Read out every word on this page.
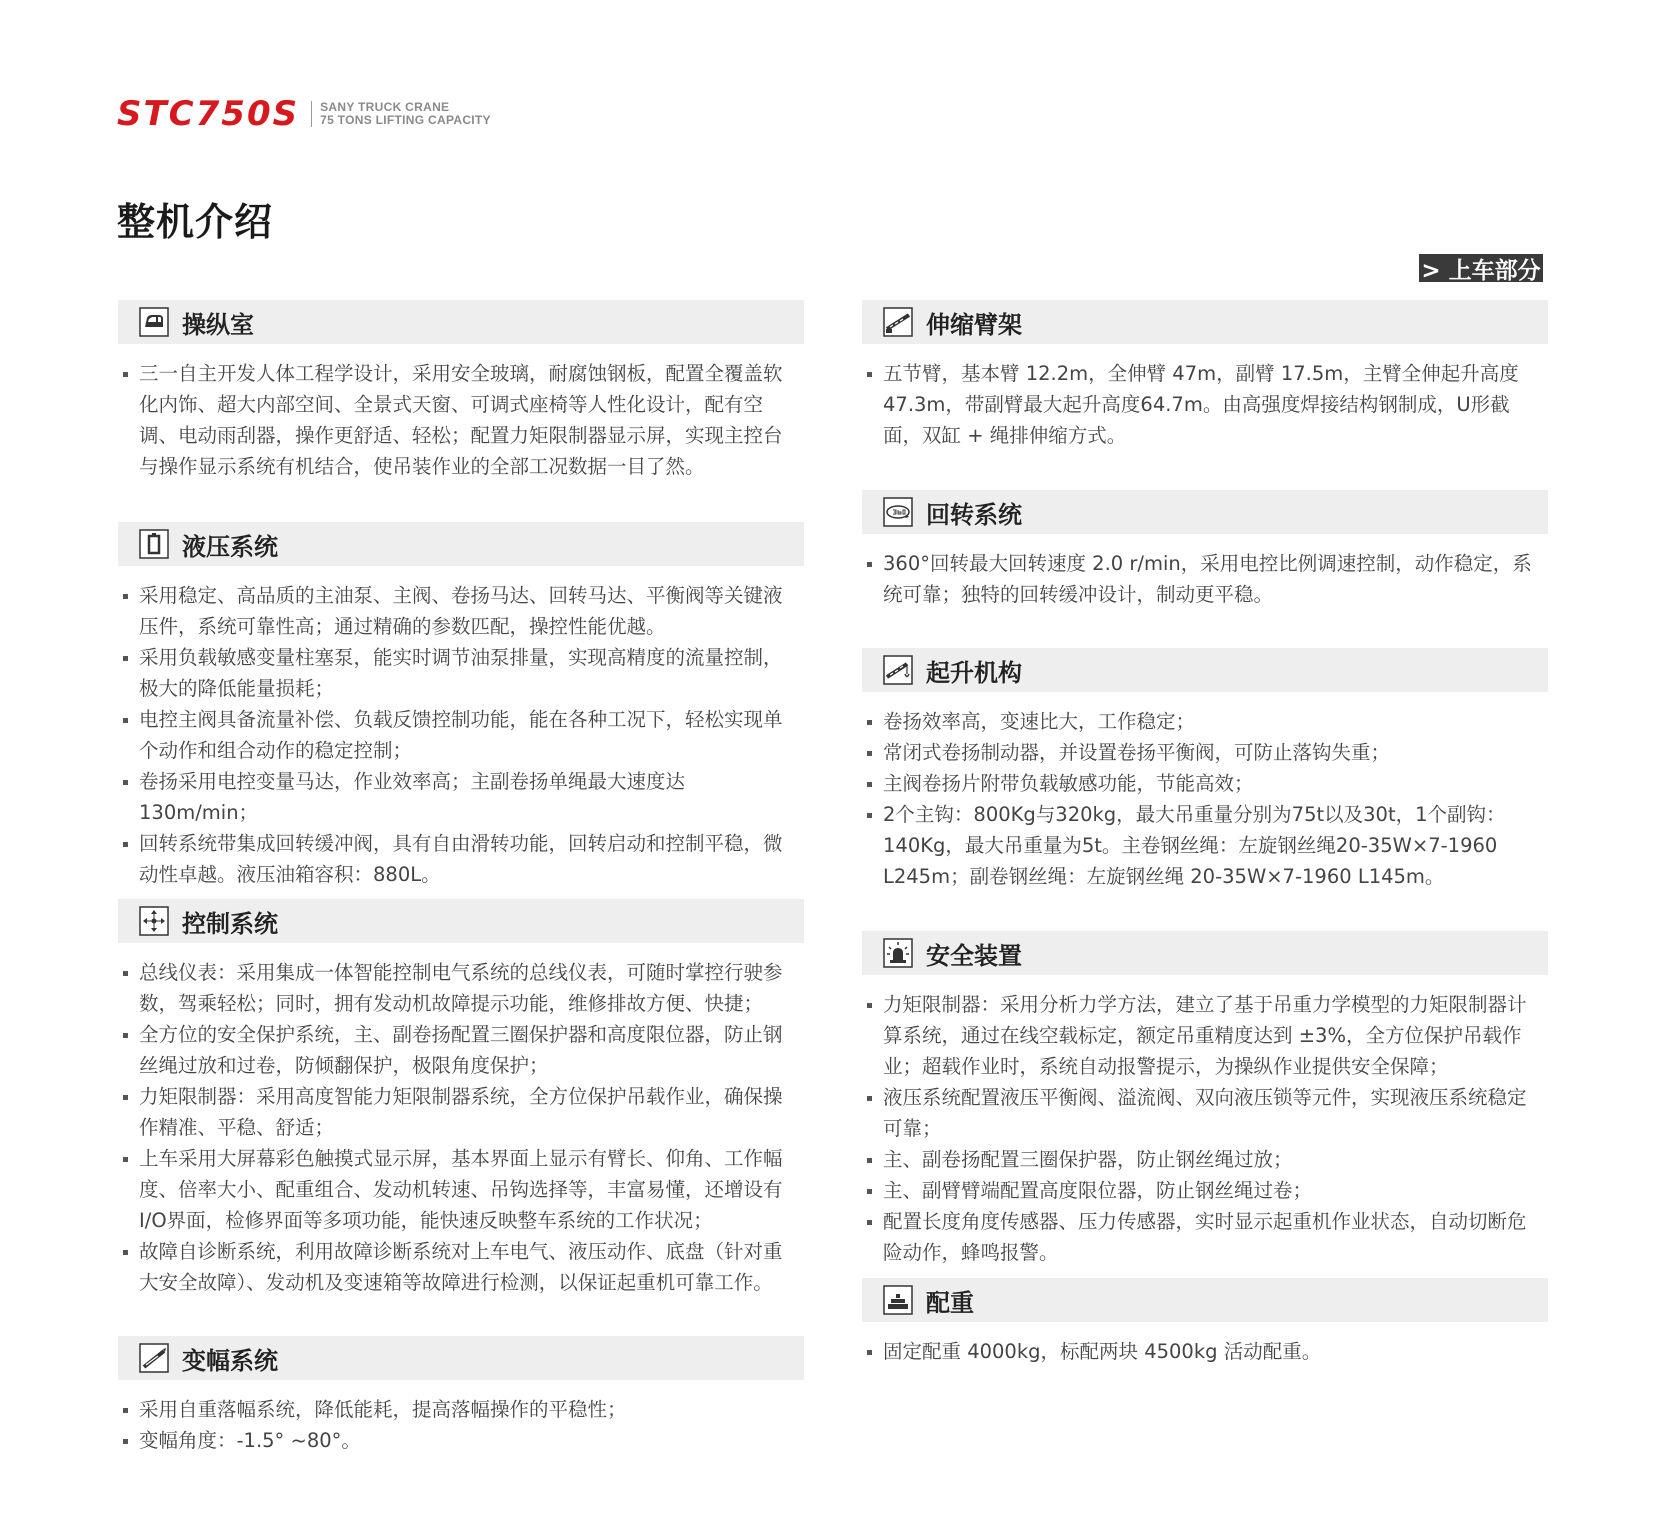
STC750S SANY TRUCK CRANE
75 TONS LIFTING CAPACITY
整机介绍
> 上车部分
操纵室
三一自主开发人体工程学设计，采用安全玻璃，耐腐蚀钢板，配置全覆盖软化内饰、超大内部空间、全景式天窗、可调式座椅等人性化设计，配有空调、电动雨刮器，操作更舒适、轻松；配置力矩限制器显示屏，实现主控台与操作显示系统有机结合，使吊装作业的全部工况数据一目了然。
液压系统
采用稳定、高品质的主油泵、主阀、卷扬马达、回转马达、平衡阀等关键液压件，系统可靠性高；通过精确的参数匹配，操控性能优越。
采用负载敏感变量柱塞泵，能实时调节油泵排量，实现高精度的流量控制，极大的降低能量损耗；
电控主阀具备流量补偿、负载反馈控制功能，能在各种工况下，轻松实现单个动作和组合动作的稳定控制；
卷扬采用电控变量马达，作业效率高；主副卷扬单绳最大速度达 130m/min；
回转系统带集成回转缓冲阀，具有自由滑转功能，回转启动和控制平稳，微动性卓越。液压油箱容积：880L。
控制系统
总线仪表：采用集成一体智能控制电气系统的总线仪表，可随时掌控行驶参数，驾乘轻松；同时，拥有发动机故障提示功能，维修排故方便、快捷；
全方位的安全保护系统，主、副卷扬配置三圈保护器和高度限位器，防止钢丝绳过放和过卷，防倾翻保护，极限角度保护；
力矩限制器：采用高度智能力矩限制器系统，全方位保护吊载作业，确保操作精准、平稳、舒适；
上车采用大屏幕彩色触摸式显示屏，基本界面上显示有臂长、仰角、工作幅度、倍率大小、配重组合、发动机转速、吊钩选择等，丰富易懂，还增设有I/O界面，检修界面等多项功能，能快速反映整车系统的工作状况；
故障自诊断系统，利用故障诊断系统对上车电气、液压动作、底盘（针对重大安全故障）、发动机及变速箱等故障进行检测，以保证起重机可靠工作。
变幅系统
采用自重落幅系统，降低能耗，提高落幅操作的平稳性；
变幅角度：-1.5° ~80°。
伸缩臂架
五节臂，基本臂 12.2m，全伸臂 47m，副臂 17.5m，主臂全伸起升高度 47.3m，带副臂最大起升高度64.7m。由高强度焊接结构钢制成，U形截面，双缸 + 绳排伸缩方式。
回转系统
360°回转最大回转速度 2.0 r/min，采用电控比例调速控制，动作稳定，系统可靠；独特的回转缓冲设计，制动更平稳。
起升机构
卷扬效率高，变速比大，工作稳定；
常闭式卷扬制动器，并设置卷扬平衡阀，可防止落钩失重；
主阀卷扬片附带负载敏感功能，节能高效；
2个主钩：800Kg与320kg，最大吊重量分别为75t以及30t，1个副钩：140Kg，最大吊重量为5t。主卷钢丝绳：左旋钢丝绳20-35W×7-1960 L245m；副卷钢丝绳：左旋钢丝绳 20-35W×7-1960 L145m。
安全装置
力矩限制器：采用分析力学方法，建立了基于吊重力学模型的力矩限制器计算系统，通过在线空载标定，额定吊重精度达到 ±3%，全方位保护吊载作业；超载作业时，系统自动报警提示，为操纵作业提供安全保障；
液压系统配置液压平衡阀、溢流阀、双向液压锁等元件，实现液压系统稳定可靠；
主、副卷扬配置三圈保护器，防止钢丝绳过放；
主、副臂臂端配置高度限位器，防止钢丝绳过卷；
配置长度角度传感器、压力传感器，实时显示起重机作业状态，自动切断危险动作，蜂鸣报警。
配重
固定配重 4000kg，标配两块 4500kg 活动配重。
